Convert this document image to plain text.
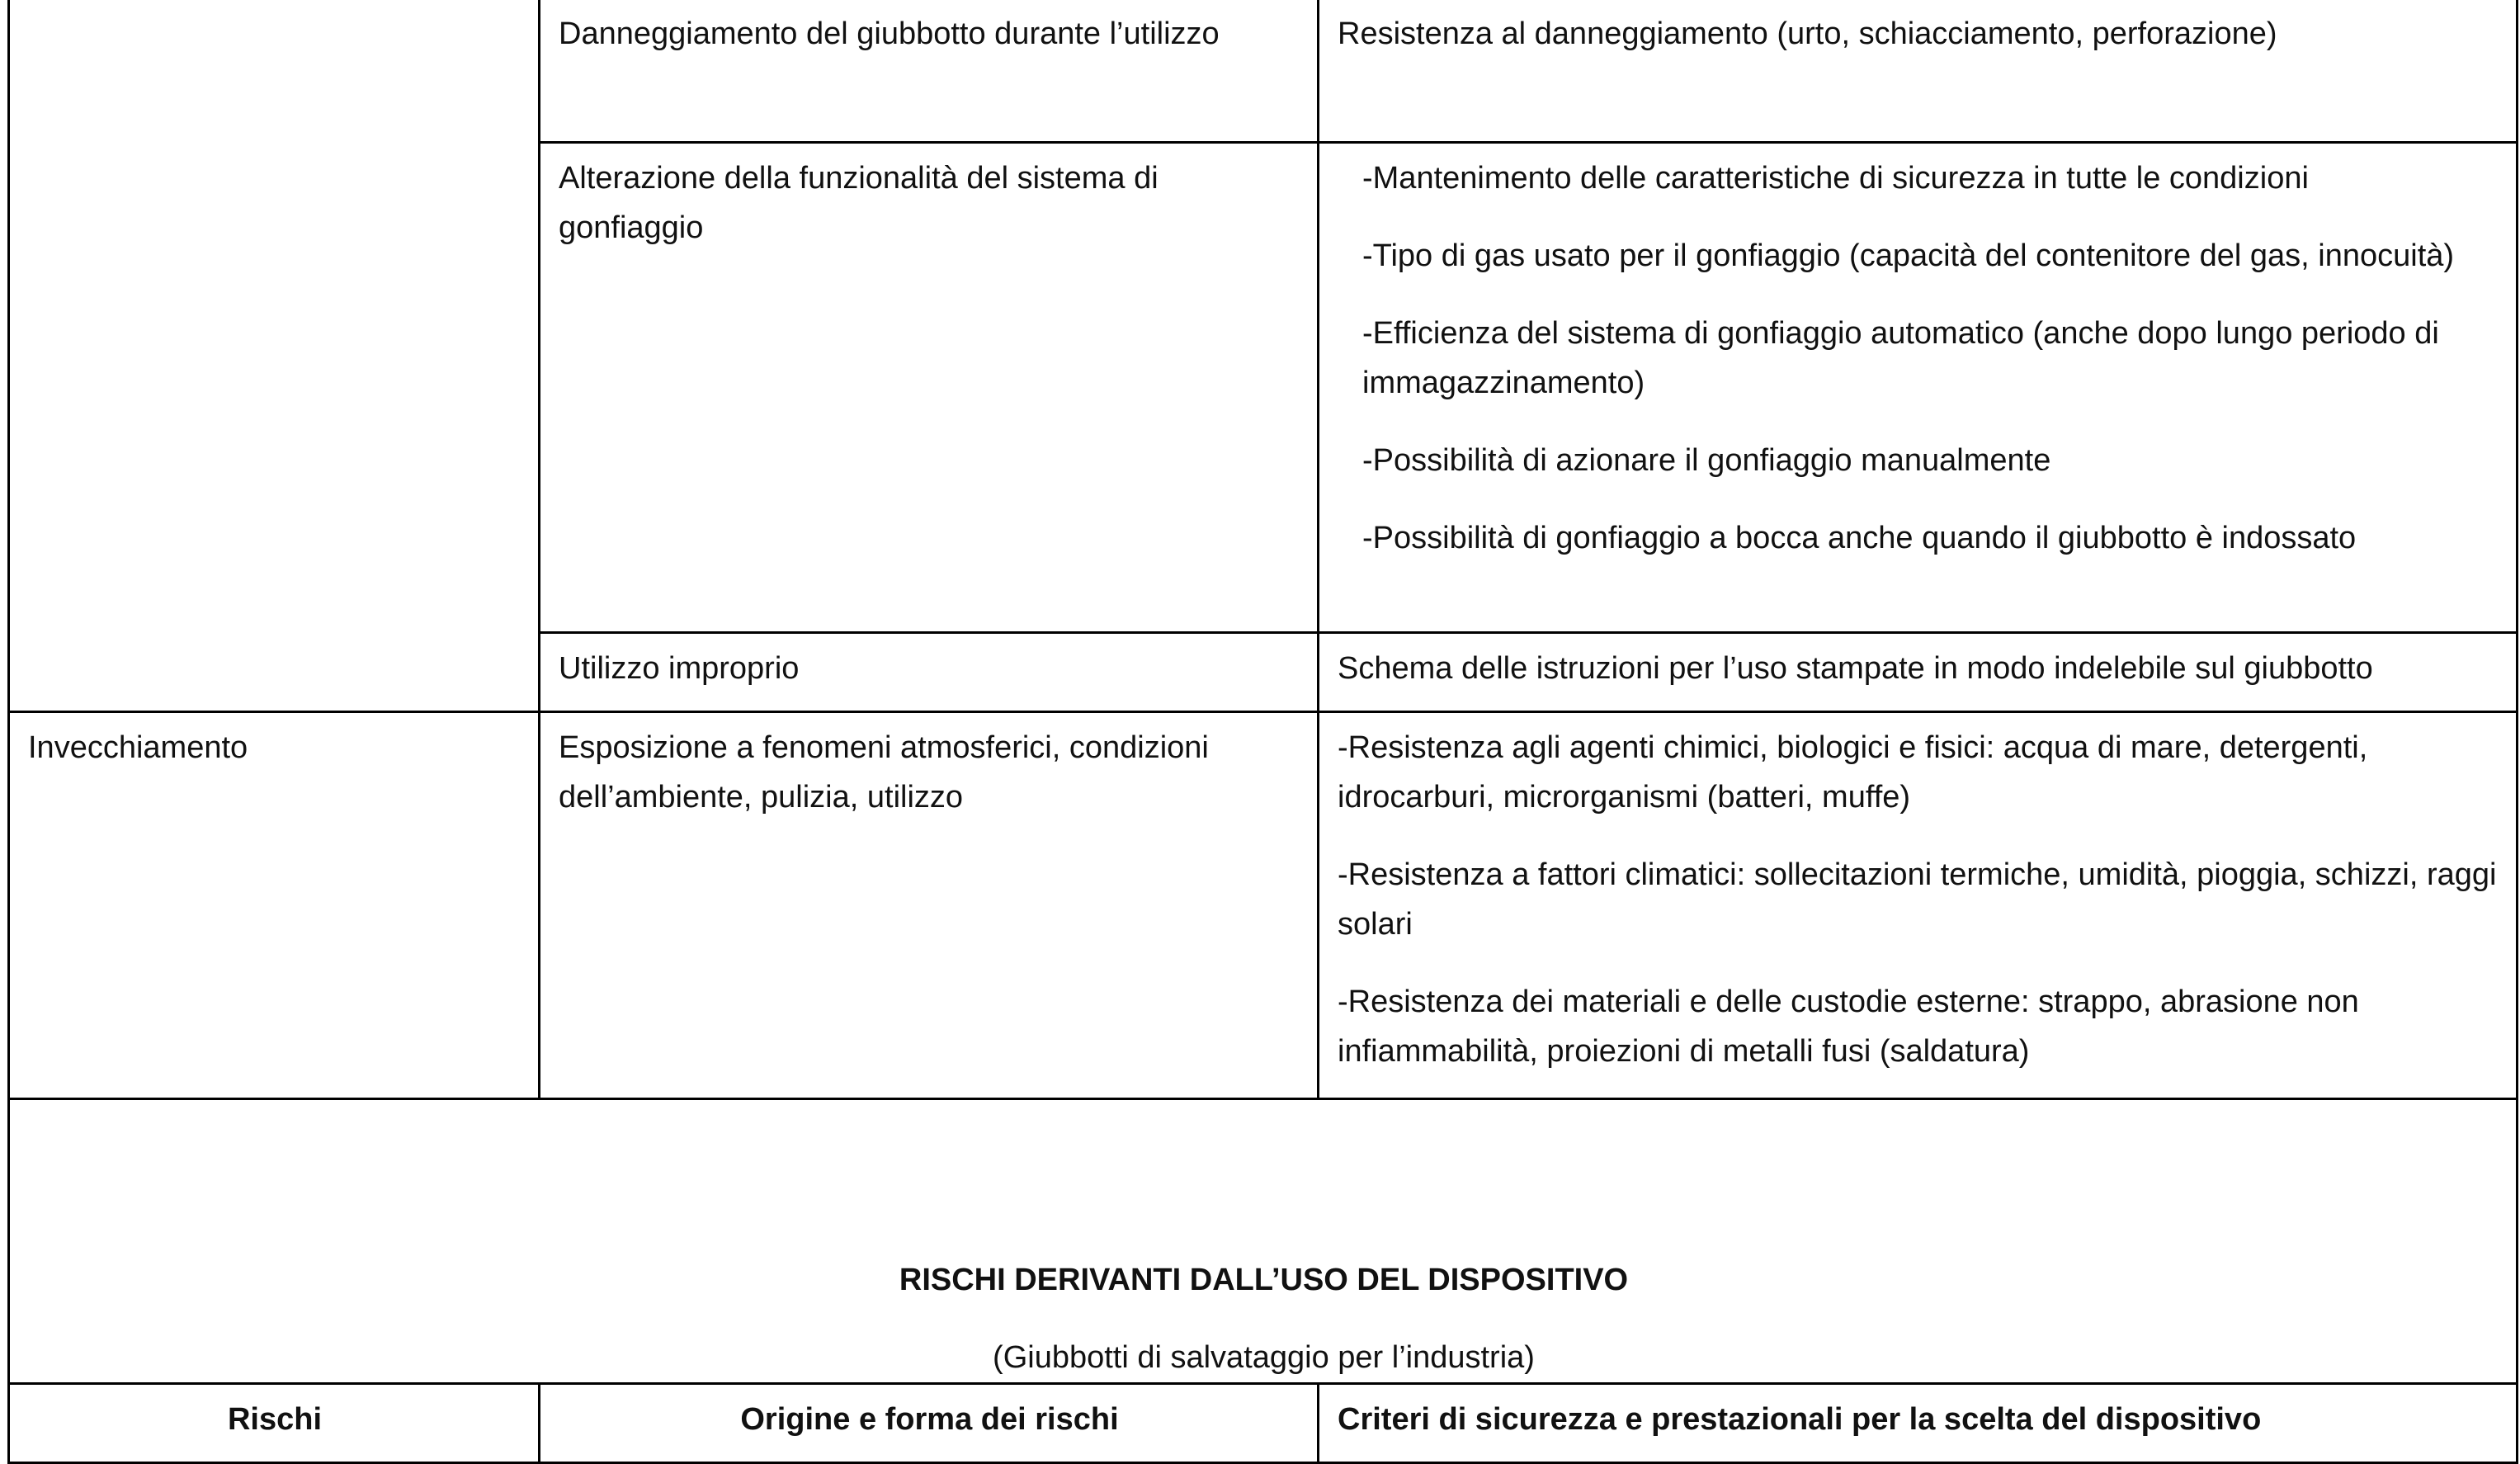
	Danneggiamento del giubbotto durante l’utilizzo	Resistenza al danneggiamento (urto, schiacciamento, perforazione)

	Alterazione della funzionalità del sistema di gonfiaggio	-Mantenimento delle caratteristiche di sicurezza in tutte le condizioni
-Tipo di gas usato per il gonfiaggio (capacità del contenitore del gas, innocuità)
-Efficienza del sistema di gonfiaggio automatico (anche dopo lungo periodo di immagazzinamento)
-Possibilità di azionare il gonfiaggio manualmente
-Possibilità di gonfiaggio a bocca anche quando il giubbotto è indossato

	Utilizzo improprio	Schema delle istruzioni per l’uso stampate in modo indelebile sul giubbotto

Invecchiamento	Esposizione a fenomeni atmosferici, condizioni dell’ambiente, pulizia, utilizzo	-Resistenza agli agenti chimici, biologici e fisici: acqua di mare, detergenti, idrocarburi, microrganismi (batteri, muffe)
-Resistenza a fattori climatici: sollecitazioni termiche, umidità, pioggia, schizzi, raggi solari
-Resistenza dei materiali e delle custodie esterne: strappo, abrasione non infiammabilità, proiezioni di metalli fusi (saldatura)

RISCHI DERIVANTI DALL’USO DEL DISPOSITIVO
(Giubbotti di salvataggio per l’industria)		

Rischi	Origine e forma dei rischi	Criteri di sicurezza e prestazionali per la scelta del dispositivo
